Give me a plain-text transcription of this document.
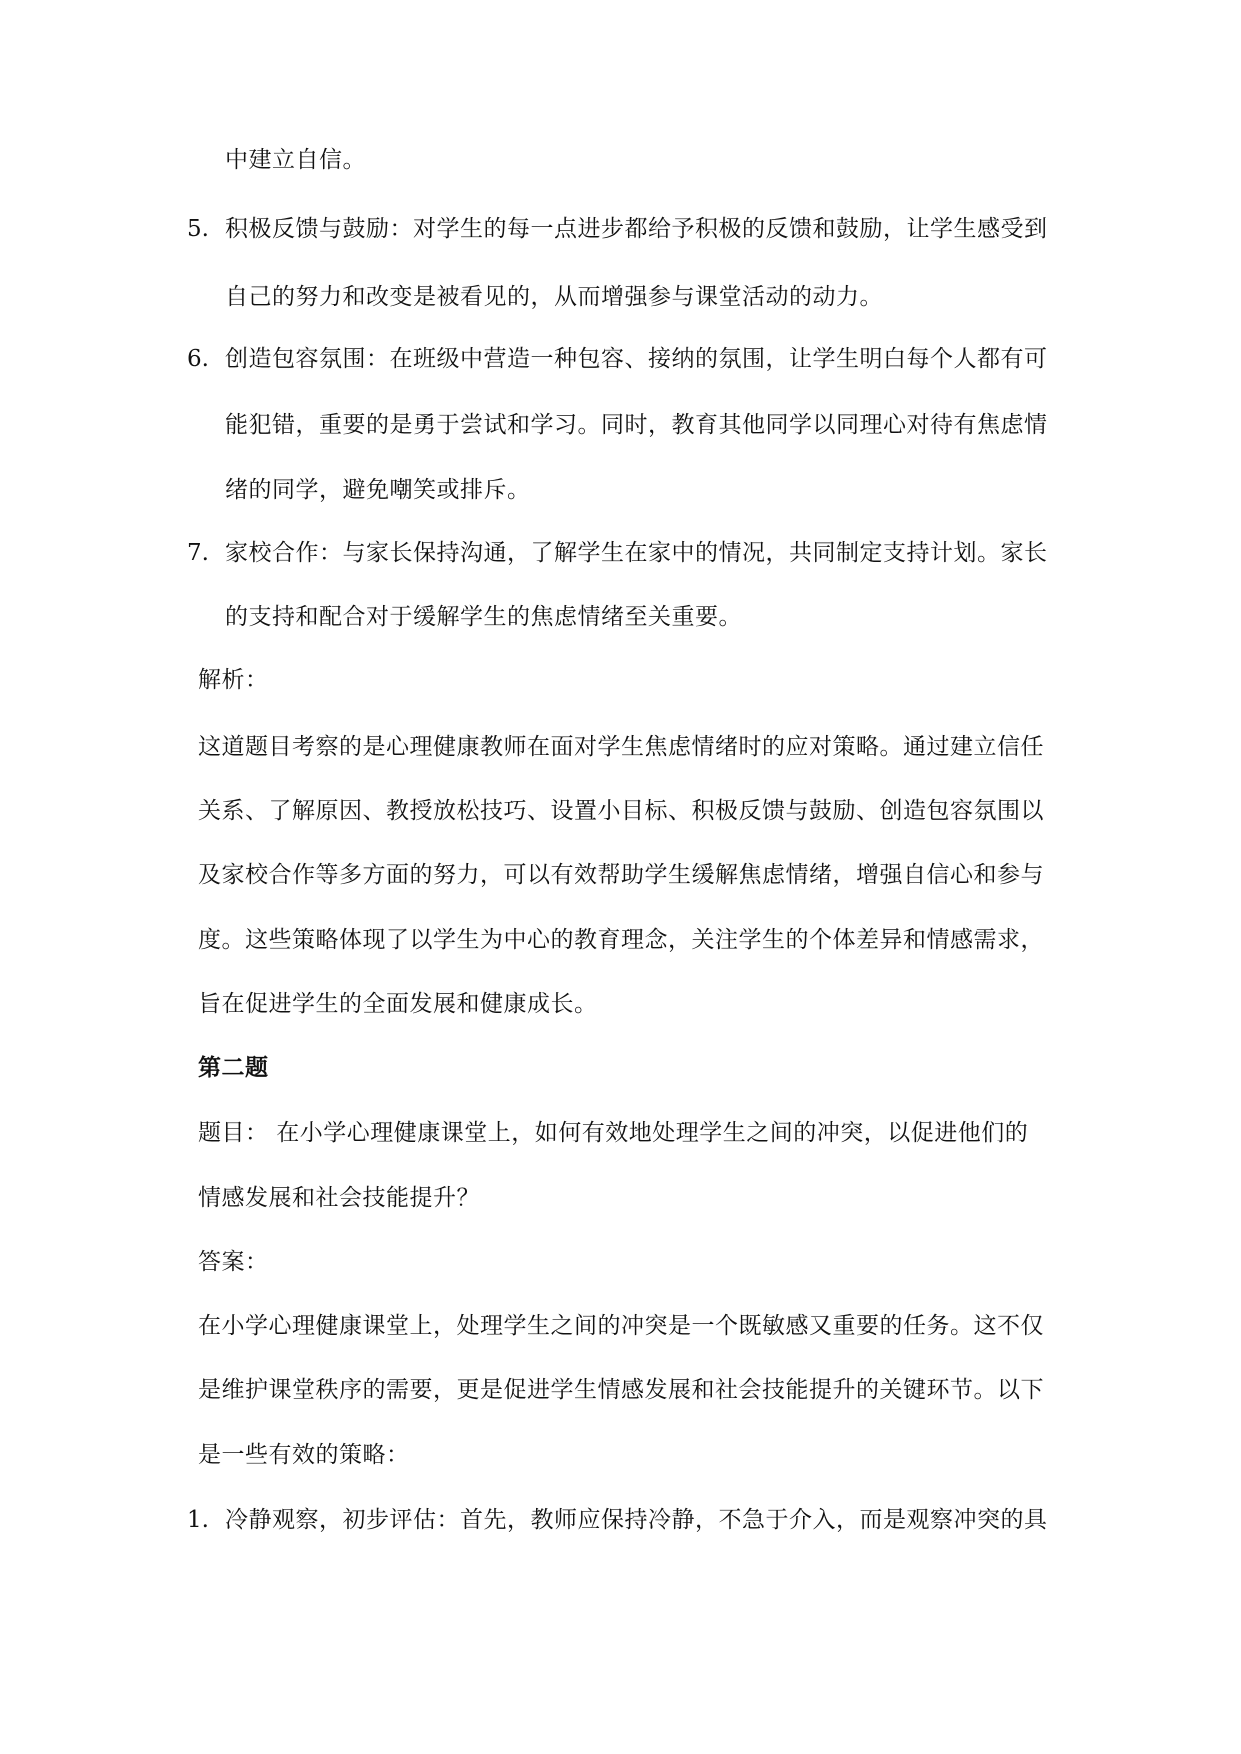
中建立自信。
5. 积极反馈与鼓励：对学生的每一点进步都给予积极的反馈和鼓励，让学生感受到
自己的努力和改变是被看见的，从而增强参与课堂活动的动力。
6. 创造包容氛围：在班级中营造一种包容、接纳的氛围，让学生明白每个人都有可
能犯错，重要的是勇于尝试和学习。同时，教育其他同学以同理心对待有焦虑情
绪的同学，避免嘲笑或排斥。
7. 家校合作：与家长保持沟通，了解学生在家中的情况，共同制定支持计划。家长
的支持和配合对于缓解学生的焦虑情绪至关重要。
解析：
这道题目考察的是心理健康教师在面对学生焦虑情绪时的应对策略。通过建立信任
关系、了解原因、教授放松技巧、设置小目标、积极反馈与鼓励、创造包容氛围以
及家校合作等多方面的努力，可以有效帮助学生缓解焦虑情绪，增强自信心和参与
度。这些策略体现了以学生为中心的教育理念，关注学生的个体差异和情感需求，
旨在促进学生的全面发展和健康成长。
第二题
题目： 在小学心理健康课堂上，如何有效地处理学生之间的冲突，以促进他们的
情感发展和社会技能提升？
答案：
在小学心理健康课堂上，处理学生之间的冲突是一个既敏感又重要的任务。这不仅
是维护课堂秩序的需要，更是促进学生情感发展和社会技能提升的关键环节。以下
是一些有效的策略：
1. 冷静观察，初步评估：首先，教师应保持冷静，不急于介入，而是观察冲突的具
